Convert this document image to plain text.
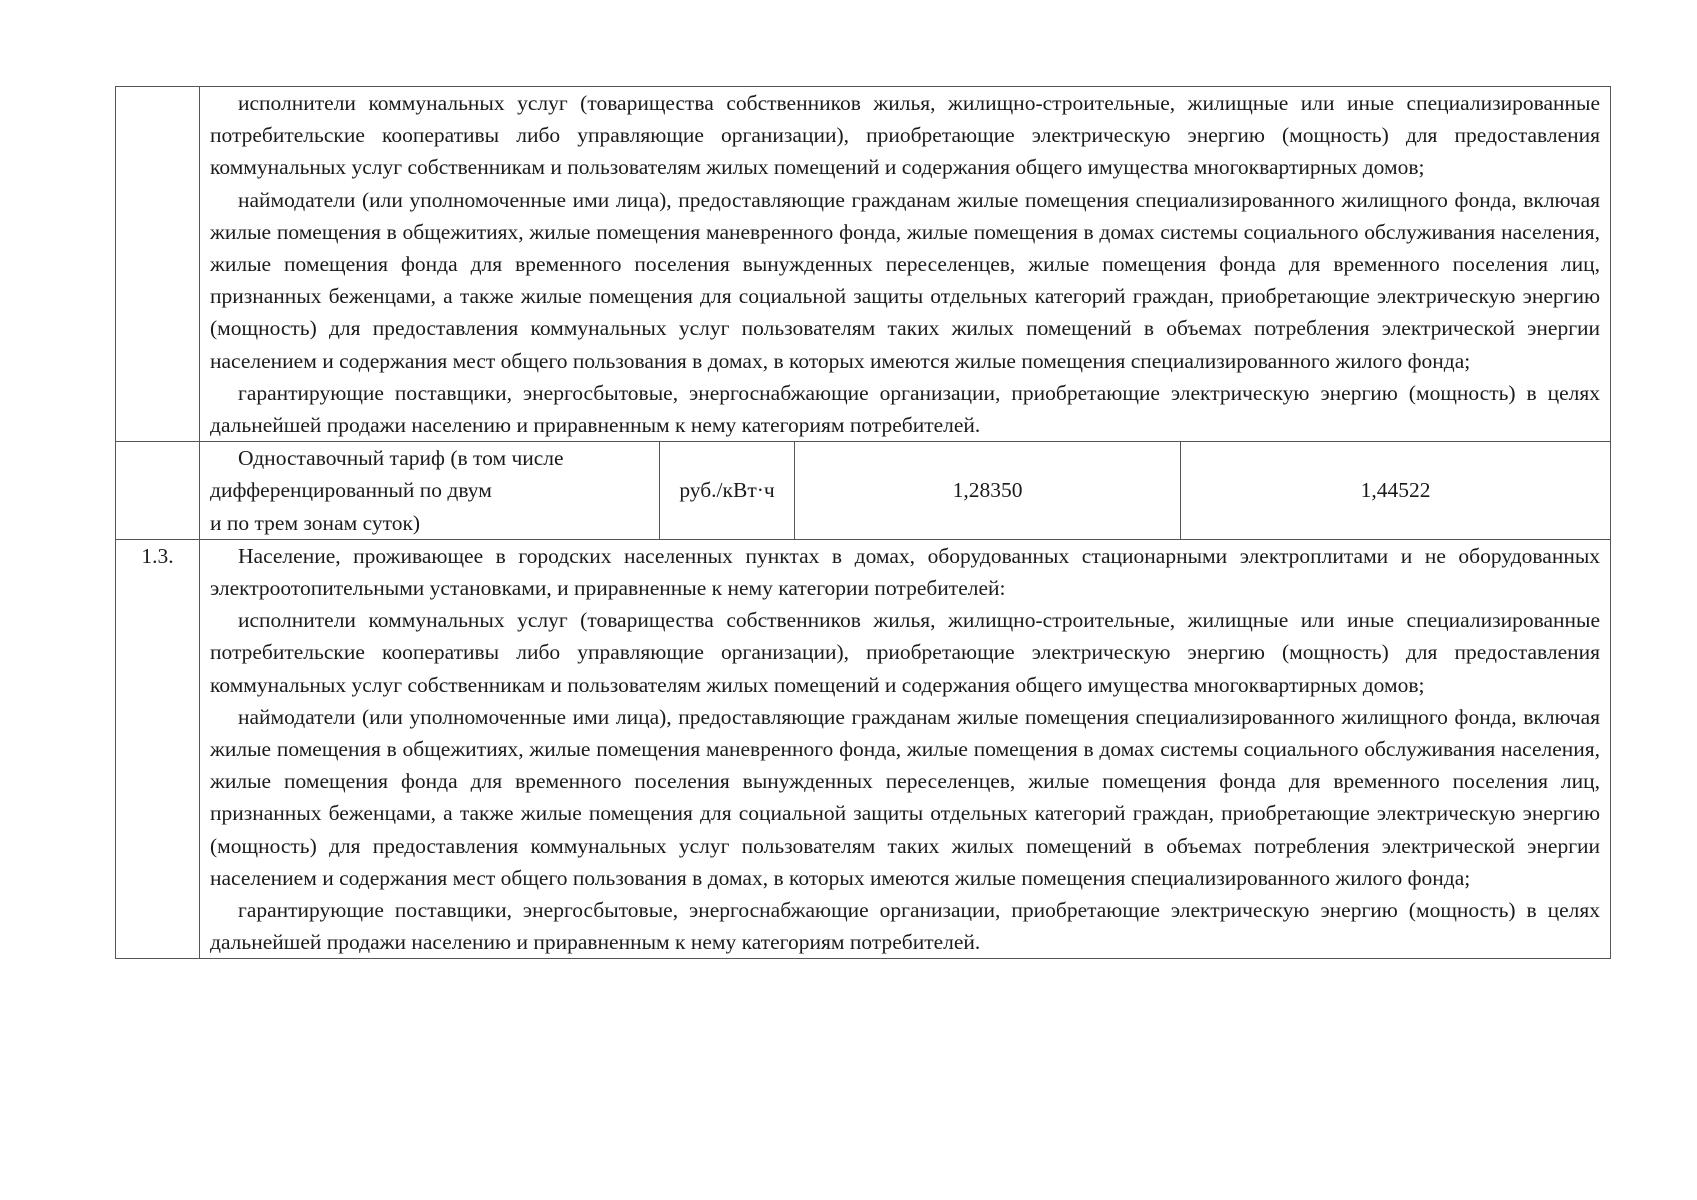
	исполнители коммунальных услуг (товарищества собственников жилья, жилищно-строительные, жилищные или иные специализированные потребительские кооперативы либо управляющие организации), приобретающие электрическую энергию (мощность) для предоставления коммунальных услуг собственникам и пользователям жилых помещений и содержания общего имущества многоквартирных домов;

наймодатели (или уполномоченные ими лица), предоставляющие гражданам жилые помещения специализированного жилищного фонда, включая жилые помещения в общежитиях, жилые помещения маневренного фонда, жилые помещения в домах системы социального обслуживания населения, жилые помещения фонда для временного поселения вынужденных переселенцев, жилые помещения фонда для временного поселения лиц, признанных беженцами, а также жилые помещения для социальной защиты отдельных категорий граждан, приобретающие электрическую энергию (мощность) для предоставления коммунальных услуг пользователям таких жилых помещений в объемах потребления электрической энергии населением и содержания мест общего пользования в домах, в которых имеются жилые помещения специализированного жилого фонда;

гарантирующие поставщики, энергосбытовые, энергоснабжающие организации, приобретающие электрическую энергию (мощность) в целях дальнейшей продажи населению и приравненным к нему категориям потребителей.			

	Одноставочный тариф (в том числе
дифференцированный по двум
и по трем зонам суток)	руб./кВт·ч	1,28350	1,44522
1.3.	Население, проживающее в городских населенных пунктах в домах, оборудованных стационарными электроплитами и не оборудованных электроотопительными установками, и приравненные к нему категории потребителей:

исполнители коммунальных услуг (товарищества собственников жилья, жилищно-строительные, жилищные или иные специализированные потребительские кооперативы либо управляющие организации), приобретающие электрическую энергию (мощность) для предоставления коммунальных услуг собственникам и пользователям жилых помещений и содержания общего имущества многоквартирных домов;

наймодатели (или уполномоченные ими лица), предоставляющие гражданам жилые помещения специализированного жилищного фонда, включая жилые помещения в общежитиях, жилые помещения маневренного фонда, жилые помещения в домах системы социального обслуживания населения, жилые помещения фонда для временного поселения вынужденных переселенцев, жилые помещения фонда для временного поселения лиц, признанных беженцами, а также жилые помещения для социальной защиты отдельных категорий граждан, приобретающие электрическую энергию (мощность) для предоставления коммунальных услуг пользователям таких жилых помещений в объемах потребления электрической энергии населением и содержания мест общего пользования в домах, в которых имеются жилые помещения специализированного жилого фонда;

гарантирующие поставщики, энергосбытовые, энергоснабжающие организации, приобретающие электрическую энергию (мощность) в целях дальнейшей продажи населению и приравненным к нему категориям потребителей.			
